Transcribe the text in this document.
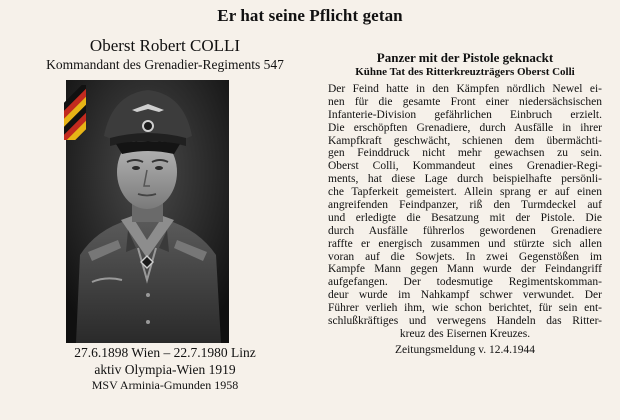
Er hat seine Pflicht getan
Oberst Robert COLLI
Kommandant des Grenadier-Regiments 547
27.6.1898 Wien – 22.7.1980 Linz
aktiv Olympia-Wien 1919
MSV Arminia-Gmunden 1958
Panzer mit der Pistole geknackt
Kühne Tat des Ritterkreuzträgers Oberst Colli
Der Feind hatte in den Kämpfen nördlich Newel ei-
nen für die gesamte Front einer niedersächsischen
Infanterie-Division gefährlichen Einbruch erzielt.
Die erschöpften Grenadiere, durch Ausfälle in ihrer
Kampfkraft geschwächt, schienen dem übermächti-
gen Feinddruck nicht mehr gewachsen zu sein.
Oberst Colli, Kommandeut eines Grenadier-Regi-
ments, hat diese Lage durch beispielhafte persönli-
che Tapferkeit gemeistert. Allein sprang er auf einen
angreifenden Feindpanzer, riß den Turmdeckel auf
und erledigte die Besatzung mit der Pistole. Die
durch Ausfälle führerlos gewordenen Grenadiere
raffte er energisch zusammen und stürzte sich allen
voran auf die Sowjets. In zwei Gegenstößen im
Kampfe Mann gegen Mann wurde der Feindangriff
aufgefangen. Der todesmutige Regimentskomman-
deur wurde im Nahkampf schwer verwundet. Der
Führer verlieh ihm, wie schon berichtet, für sein ent-
schlußkräftiges und verwegens Handeln das Ritter-
kreuz des Eisernen Kreuzes.
Zeitungsmeldung v. 12.4.1944
